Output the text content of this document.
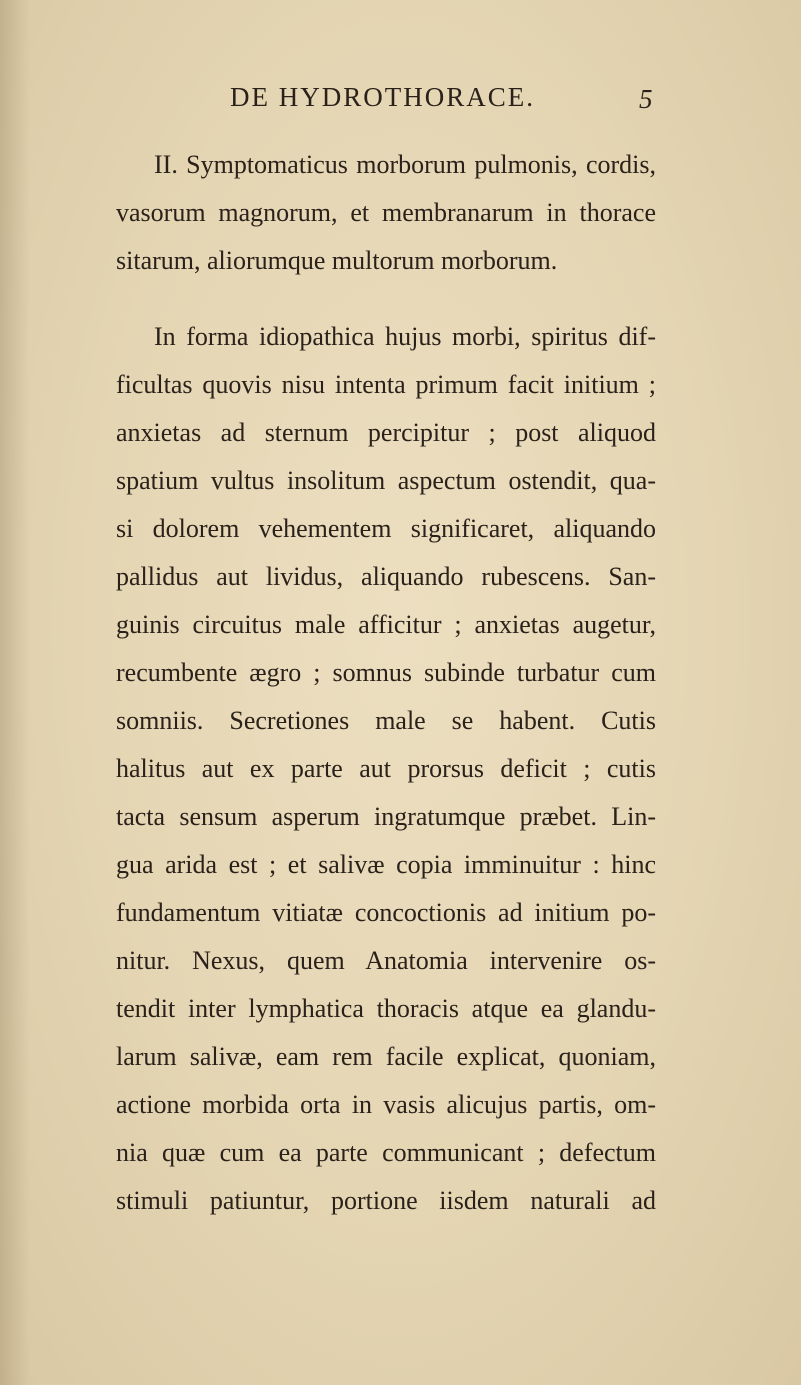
DE HYDROTHORACE.	5
II. Symptomaticus morborum pulmonis, cordis,
vasorum magnorum, et membranarum in thorace
sitarum, aliorumque multorum morborum.
In forma idiopathica hujus morbi, spiritus dif-
ficultas quovis nisu intenta primum facit initium ;
anxietas ad sternum percipitur ; post aliquod
spatium vultus insolitum aspectum ostendit, qua-
si dolorem vehementem significaret, aliquando
pallidus aut lividus, aliquando rubescens. San-
guinis circuitus male afficitur ; anxietas augetur,
recumbente ægro ; somnus subinde turbatur cum
somniis. Secretiones male se habent. Cutis
halitus aut ex parte aut prorsus deficit ; cutis
tacta sensum asperum ingratumque præbet. Lin-
gua arida est ; et salivæ copia imminuitur : hinc
fundamentum vitiatæ concoctionis ad initium po-
nitur. Nexus, quem Anatomia intervenire os-
tendit inter lymphatica thoracis atque ea glandu-
larum salivæ, eam rem facile explicat, quoniam,
actione morbida orta in vasis alicujus partis, om-
nia quæ cum ea parte communicant ; defectum
stimuli patiuntur, portione iisdem naturali ad
